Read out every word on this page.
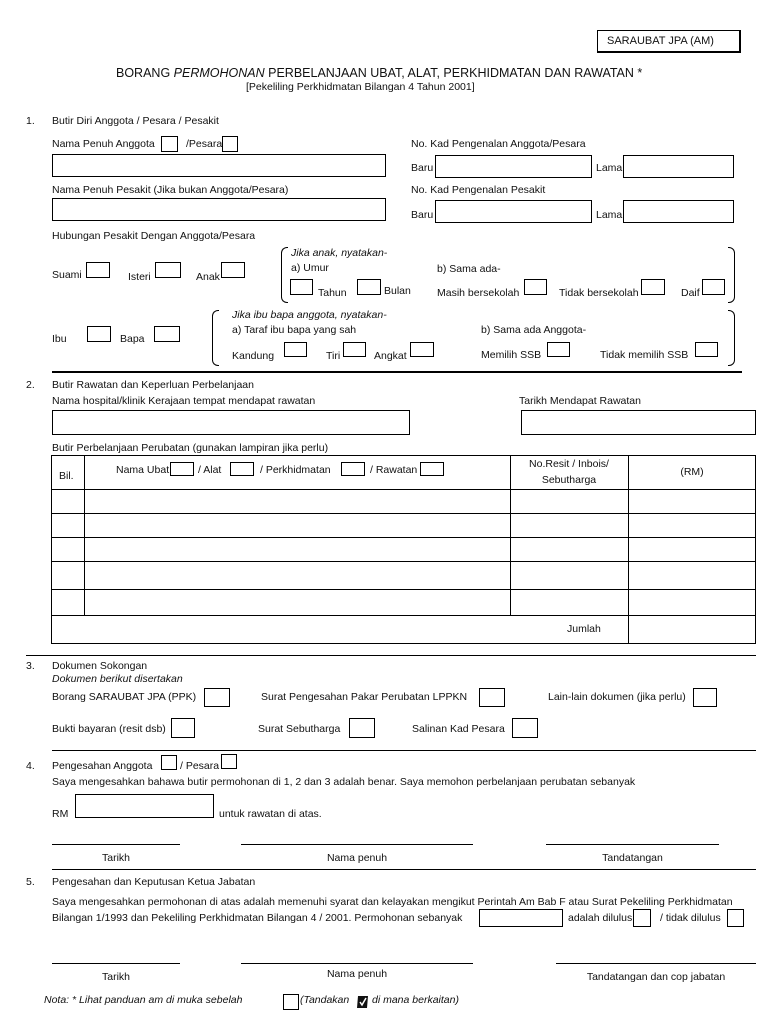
SARAUBAT JPA (AM)
BORANG PERMOHONAN PERBELANJAAN UBAT, ALAT, PERKHIDMATAN DAN RAWATAN *
[Pekeliling Perkhidmatan Bilangan 4 Tahun 2001]
1. Butir Diri Anggota / Pesara / Pesakit
Nama Penuh Anggota	/Pesara	No. Kad Pengenalan Anggota/Pesara
Baru	Lama
Nama Penuh Pesakit (Jika bukan Anggota/Pesara)	No. Kad Pengenalan Pesakit
Baru	Lama
Hubungan Pesakit Dengan Anggota/Pesara
Suami	Isteri	Anak
Jika anak, nyatakan-
a) Umur
Tahun	Bulan
b) Sama ada-
Masih bersekolah	Tidak bersekolah	Daif
Ibu	Bapa
Jika ibu bapa anggota, nyatakan-
a) Taraf ibu bapa yang sah
Kandung	Tiri	Angkat
b) Sama ada Anggota-
Memilih SSB	Tidak memilih SSB
2. Butir Rawatan dan Keperluan Perbelanjaan
Nama hospital/klinik Kerajaan tempat mendapat rawatan	Tarikh Mendapat Rawatan
Butir Perbelanjaan Perubatan (gunakan lampiran jika perlu)
Bil.	Nama Ubat	/ Alat	/ Perkhidmatan	/ Rawatan	No.Resit / Inbois/
Sebutharga
(RM)
Jumlah
3. Dokumen Sokongan
Dokumen berikut disertakan
Borang SARAUBAT JPA (PPK)	Surat Pengesahan Pakar Perubatan LPPKN	Lain-lain dokumen (jika perlu)
Bukti bayaran (resit dsb)	Surat Sebutharga	Salinan Kad Pesara
4. Pengesahan Anggota	/ Pesara
Saya mengesahkan bahawa butir permohonan di 1, 2 dan 3 adalah benar. Saya memohon perbelanjaan perubatan sebanyak
RM	untuk rawatan di atas.
Tarikh	Nama penuh	Tandatangan
5. Pengesahan dan Keputusan Ketua Jabatan
Saya mengesahkan permohonan di atas adalah memenuhi syarat dan kelayakan mengikut Perintah Am Bab F atau Surat Pekeliling Perkhidmatan
Bilangan 1/1993 dan Pekeliling Perkhidmatan Bilangan 4 / 2001. Permohonan sebanyak	adalah dilulus	/ tidak dilulus
Tarikh	Nama penuh	Tandatangan dan cop jabatan
Nota: * Lihat panduan am di muka sebelah	(Tandakan di mana berkaitan)
